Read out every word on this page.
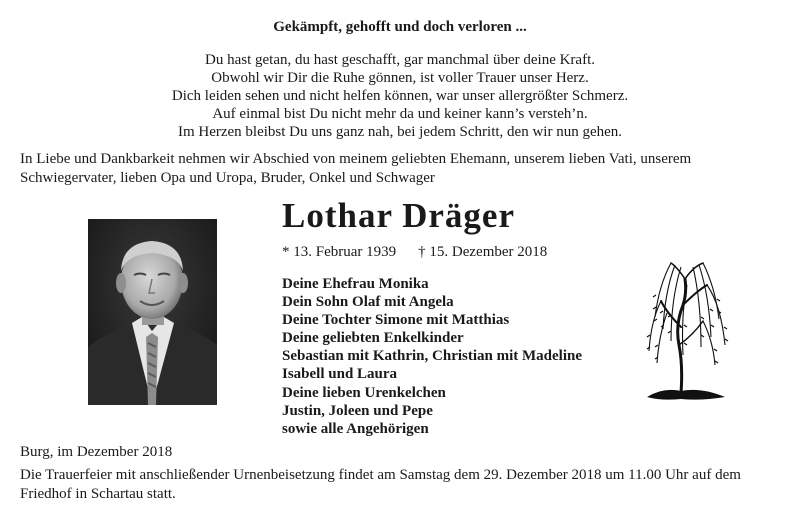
Gekämpft, gehofft und doch verloren ...
Du hast getan, du hast geschafft, gar manchmal über deine Kraft.
Obwohl wir Dir die Ruhe gönnen, ist voller Trauer unser Herz.
Dich leiden sehen und nicht helfen können, war unser allergrößter Schmerz.
Auf einmal bist Du nicht mehr da und keiner kann’s versteh’n.
Im Herzen bleibst Du uns ganz nah, bei jedem Schritt, den wir nun gehen.
In Liebe und Dankbarkeit nehmen wir Abschied von meinem geliebten Ehemann, unserem lieben Vati, unserem Schwiegervater, lieben Opa und Uropa, Bruder, Onkel und Schwager
Lothar Dräger
* 13. Februar 1939 † 15. Dezember 2018
Deine Ehefrau Monika
Dein Sohn Olaf mit Angela
Deine Tochter Simone mit Matthias
Deine geliebten Enkelkinder
Sebastian mit Kathrin, Christian mit Madeline
Isabell und Laura
Deine lieben Urenkelchen
Justin, Joleen und Pepe
sowie alle Angehörigen
Burg, im Dezember 2018
Die Trauerfeier mit anschließender Urnenbeisetzung findet am Samstag dem 29. Dezember 2018 um 11.00 Uhr auf dem Friedhof in Schartau statt.
